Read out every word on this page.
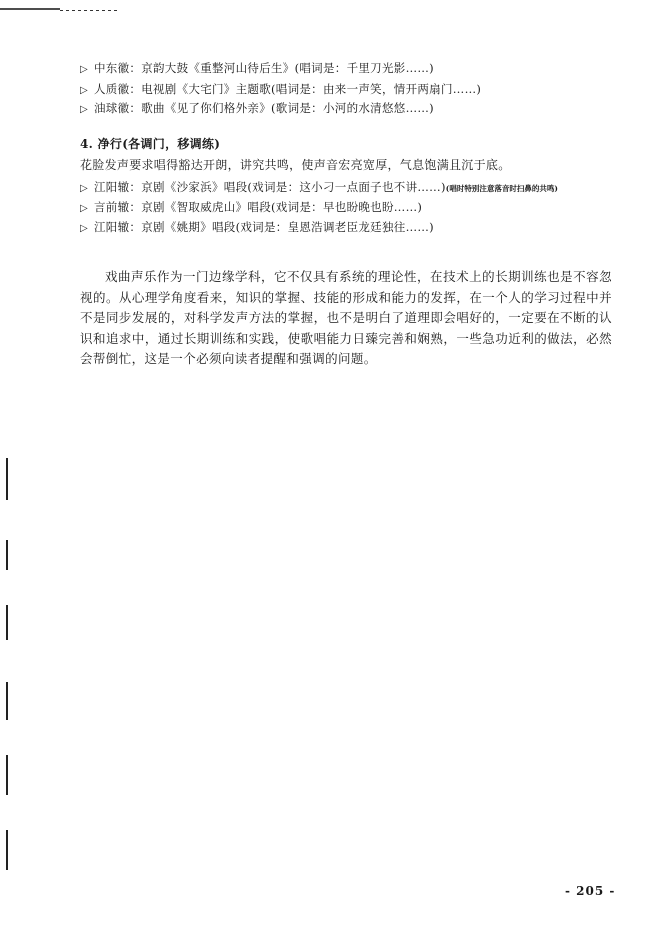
▷ 中东徽：京韵大鼓《重整河山待后生》(唱词是：千里刀光影……)
▷ 人质徽：电视剧《大宅门》主题歌(唱词是：由来一声笑，情开两扇门……)
▷ 油球徽：歌曲《见了你们格外亲》(歌词是：小河的水清悠悠……)
4. 净行(各调门，移调练)
花脸发声要求唱得豁达开朗，讲究共鸣，使声音宏亮宽厚，气息饱满且沉于底。
▷ 江阳辙：京剧《沙家浜》唱段(戏词是：这小刁一点面子也不讲……)(唱时特别注意落音时扫鼻的共鸣)
▷ 言前辙：京剧《智取威虎山》唱段(戏词是：早也盼晚也盼……)
▷ 江阳辙：京剧《姚期》唱段(戏词是：皇恩浩调老臣龙廷独往……)
戏曲声乐作为一门边缘学科，它不仅具有系统的理论性，在技术上的长期训练也是不容忽视的。从心理学角度看来，知识的掌握、技能的形成和能力的发挥，在一个人的学习过程中并不是同步发展的，对科学发声方法的掌握，也不是明白了道理即会唱好的，一定要在不断的认识和追求中，通过长期训练和实践，使歌唱能力日臻完善和娴熟，一些急功近利的做法，必然会帮倒忙，这是一个必须向读者提醒和强调的问题。
- 205 -
